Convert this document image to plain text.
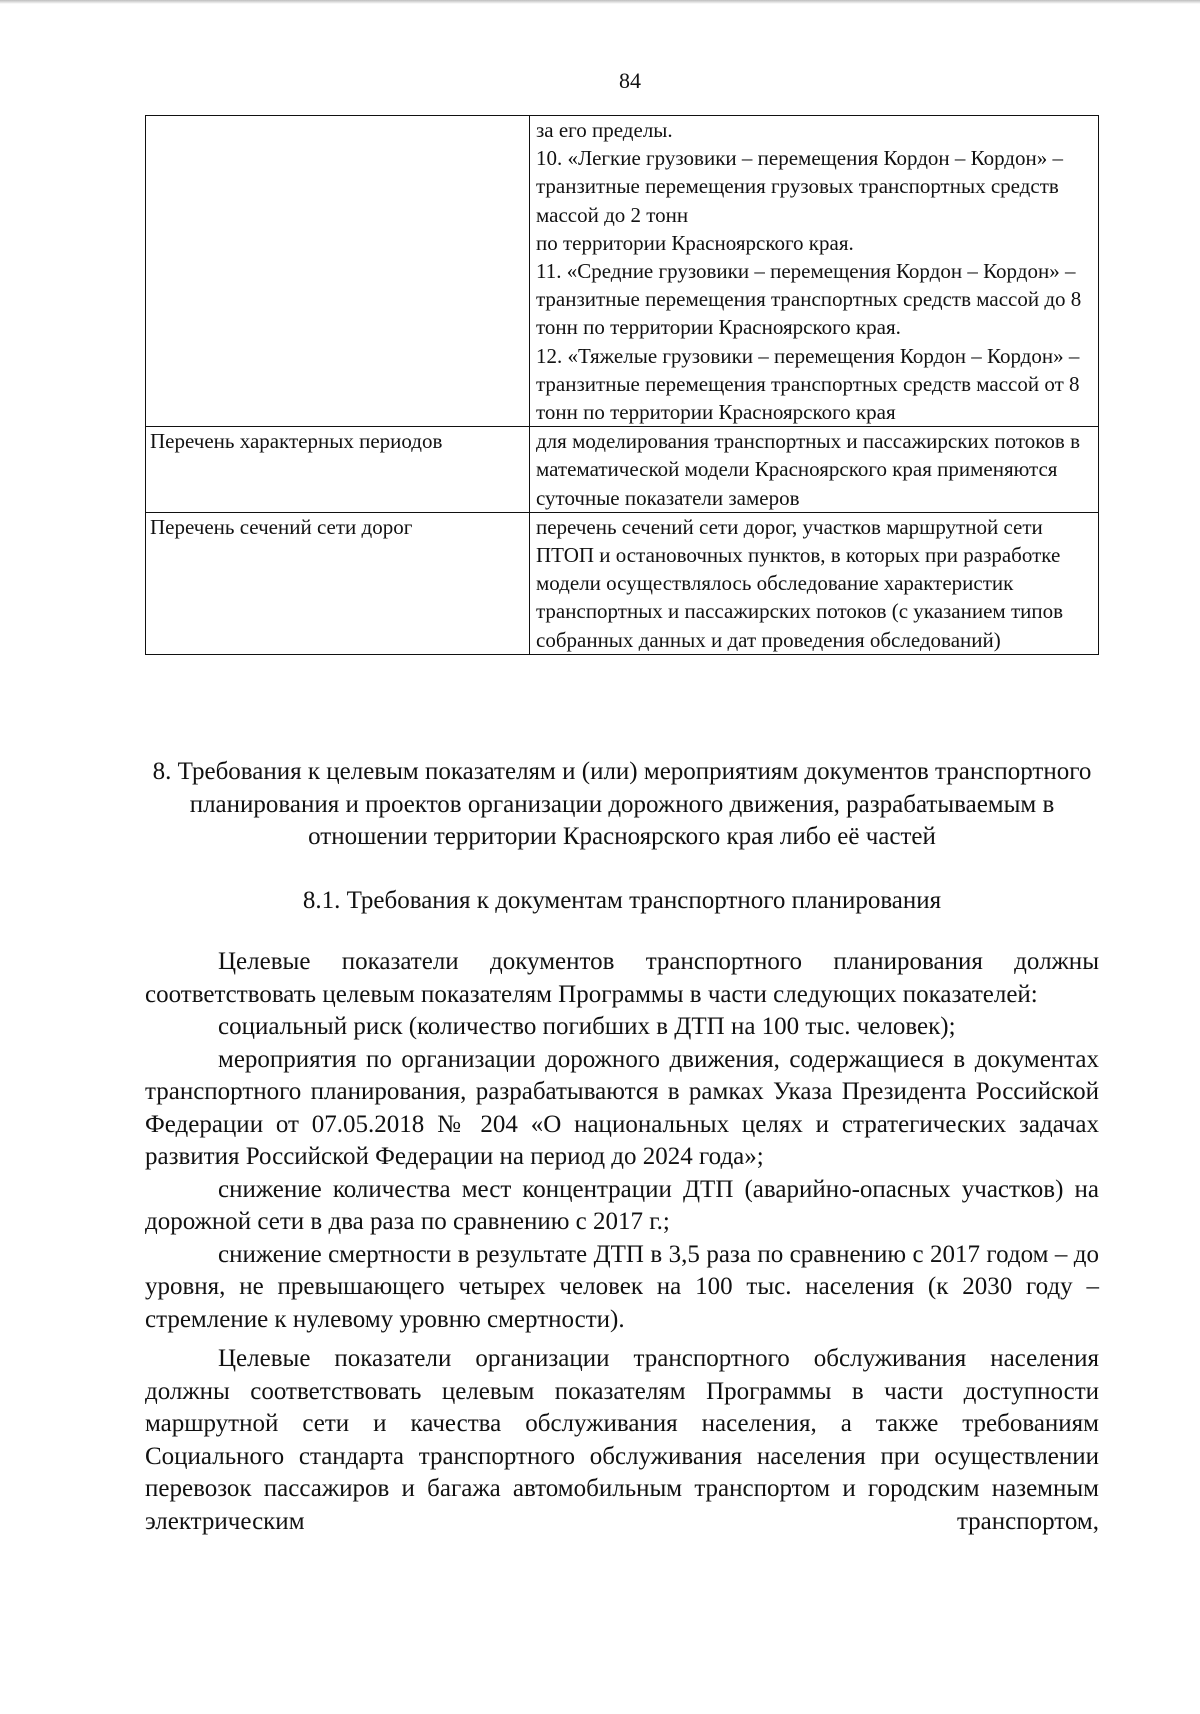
84

	за его пределы.

10. «Легкие грузовики – перемещения Кордон – Кордон» – транзитные перемещения грузовых транспортных средств массой до 2 тонн

по территории Красноярского края.

11. «Средние грузовики – перемещения Кордон – Кордон» – транзитные перемещения транспортных средств массой до 8 тонн по территории Красноярского края.

12. «Тяжелые грузовики – перемещения Кордон – Кордон» – транзитные перемещения транспортных средств массой от 8 тонн по территории Красноярского края

Перечень характерных периодов	для моделирования транспортных и пассажирских потоков в математической модели Красноярского края применяются суточные показатели замеров

Перечень сечений сети дорог	перечень сечений сети дорог, участков маршрутной сети ПТОП и остановочных пунктов, в которых при разработке модели осуществлялось обследование характеристик транспортных и пассажирских потоков (с указанием типов собранных данных и дат проведения обследований)

8. Требования к целевым показателям и (или) мероприятиям документов транспортного планирования и проектов организации дорожного движения, разрабатываемым в отношении территории Красноярского края либо её частей
8.1. Требования к документам транспортного планирования

Целевые показатели документов транспортного планирования должны соответствовать целевым показателям Программы в части следующих показателей:

социальный риск (количество погибших в ДТП на 100 тыс. человек);

мероприятия по организации дорожного движения, содержащиеся в документах транспортного планирования, разрабатываются в рамках Указа Президента Российской Федерации от 07.05.2018 № 204 «О национальных целях и стратегических задачах развития Российской Федерации на период до 2024 года»;

снижение количества мест концентрации ДТП (аварийно-опасных участков) на дорожной сети в два раза по сравнению с 2017 г.;

снижение смертности в результате ДТП в 3,5 раза по сравнению с 2017 годом – до уровня, не превышающего четырех человек на 100 тыс. населения (к 2030 году – стремление к нулевому уровню смертности).

Целевые показатели организации транспортного обслуживания населения должны соответствовать целевым показателям Программы в части доступности маршрутной сети и качества обслуживания населения, а также требованиям Социального стандарта транспортного обслуживания населения при осуществлении перевозок пассажиров и багажа автомобильным транспортом и городским наземным электрическим транспортом,
